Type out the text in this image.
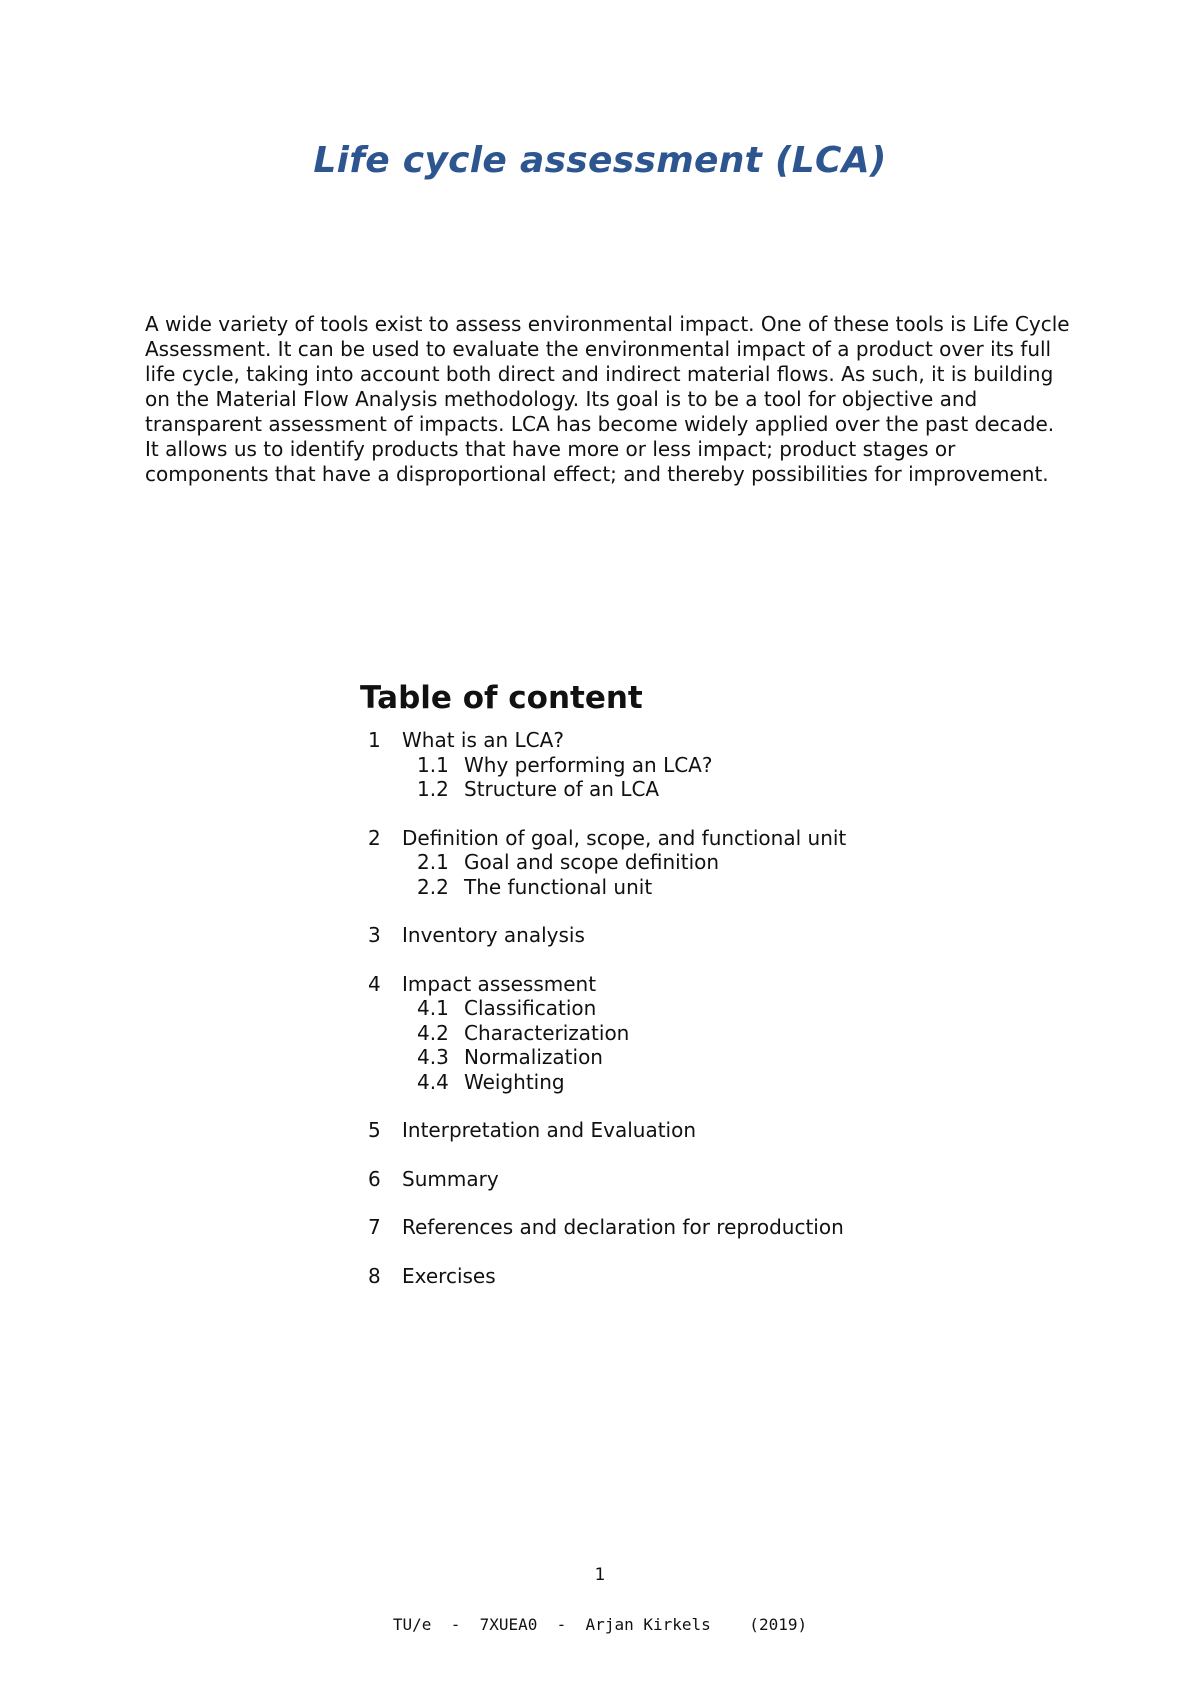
Life cycle assessment (LCA)

A wide variety of tools exist to assess environmental impact. One of these tools is Life Cycle Assessment. It can be used to evaluate the environmental impact of a product over its full life cycle, taking into account both direct and indirect material flows. As such, it is building on the Material Flow Analysis methodology. Its goal is to be a tool for objective and transparent assessment of impacts. LCA has become widely applied over the past decade. It allows us to identify products that have more or less impact; product stages or components that have a disproportional effect; and thereby possibilities for improvement.

Table of content
1	What is an LCA?
1.1 Why performing an LCA?
1.2 Structure of an LCA
2	Definition of goal, scope, and functional unit
2.1 Goal and scope definition
2.2 The functional unit
3	Inventory analysis
4	Impact assessment
4.1 Classification
4.2 Characterization
4.3 Normalization
4.4 Weighting
5	Interpretation and Evaluation
6	Summary
7	References and declaration for reproduction
8	Exercises
1
TU/e  -  7XUEA0  -  Arjan Kirkels    (2019)
